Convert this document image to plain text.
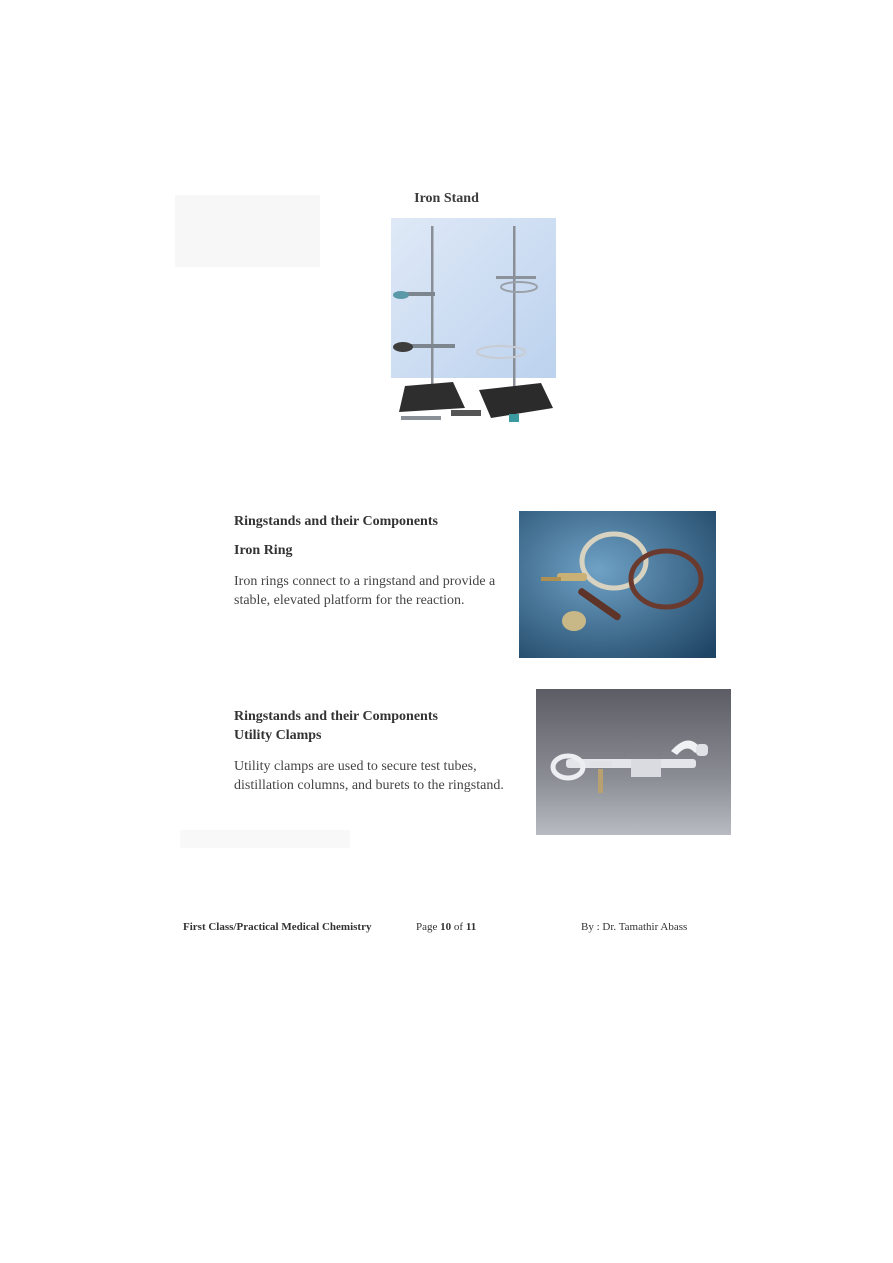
Iron Stand
Ringstands and their Components
Iron Ring
Iron rings connect to a ringstand and provide a
stable, elevated platform for the reaction.
Ringstands and their Components
Utility Clamps
Utility clamps are used to secure test tubes,
distillation columns, and burets to the ringstand.
First Class/Practical Medical Chemistry	Page 10 of 11	By : Dr. Tamathir Abass
